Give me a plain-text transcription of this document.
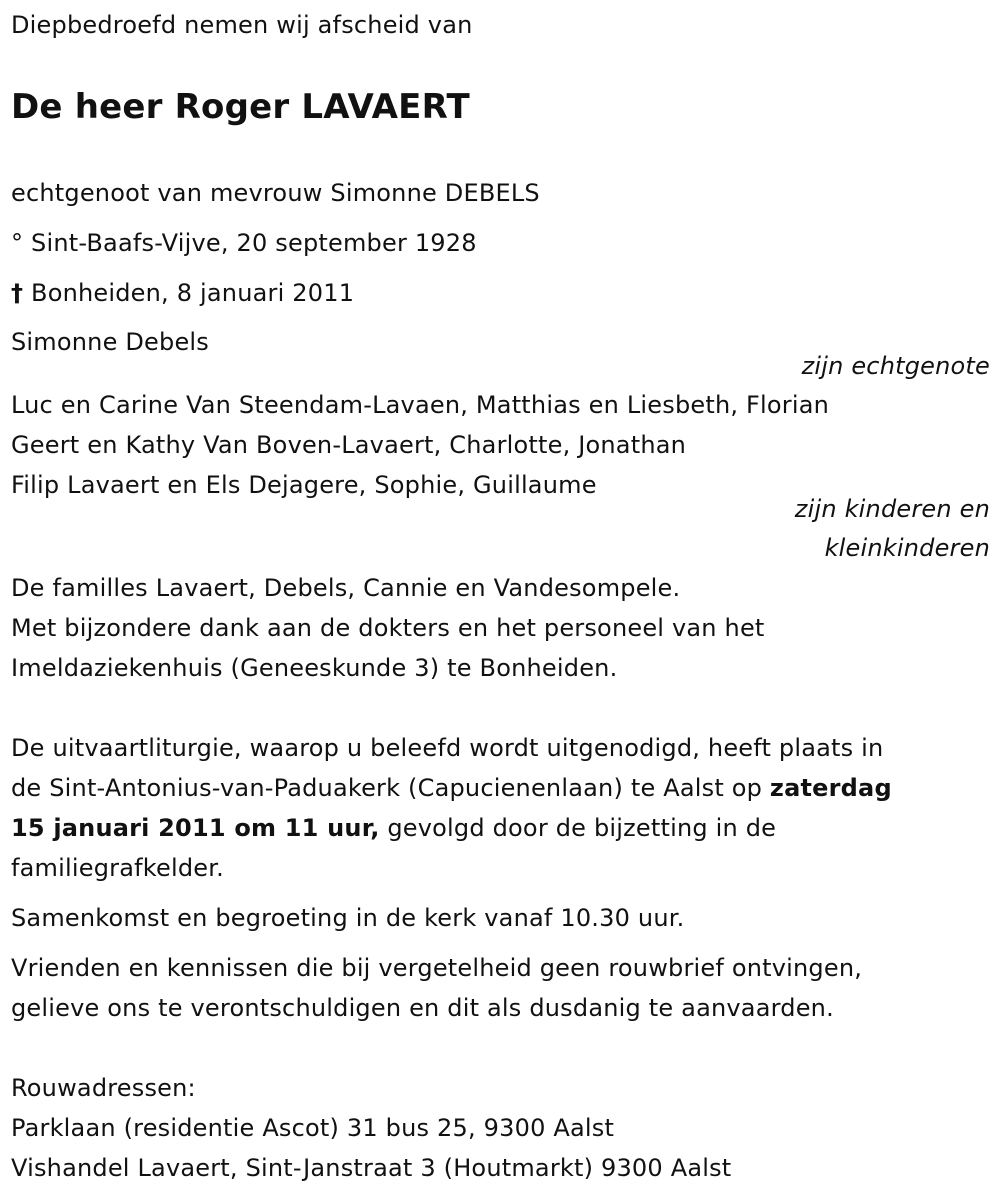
Diepbedroefd nemen wij afscheid van
De heer Roger LAVAERT
echtgenoot van mevrouw Simonne DEBELS
° Sint-Baafs-Vijve, 20 september 1928
† Bonheiden, 8 januari 2011
Simonne Debels
zijn echtgenote
Luc en Carine Van Steendam-Lavaen, Matthias en Liesbeth, Florian
Geert en Kathy Van Boven-Lavaert, Charlotte, Jonathan
Filip Lavaert en Els Dejagere, Sophie, Guillaume
zijn kinderen en
kleinkinderen
De familles Lavaert, Debels, Cannie en Vandesompele.
Met bijzondere dank aan de dokters en het personeel van het
Imeldaziekenhuis (Geneeskunde 3) te Bonheiden.
De uitvaartliturgie, waarop u beleefd wordt uitgenodigd, heeft plaats in
de Sint-Antonius-van-Paduakerk (Capucienenlaan) te Aalst op zaterdag
15 januari 2011 om 11 uur, gevolgd door de bijzetting in de
familiegrafkelder.
Samenkomst en begroeting in de kerk vanaf 10.30 uur.
Vrienden en kennissen die bij vergetelheid geen rouwbrief ontvingen,
gelieve ons te verontschuldigen en dit als dusdanig te aanvaarden.
Rouwadressen:
Parklaan (residentie Ascot) 31 bus 25, 9300 Aalst
Vishandel Lavaert, Sint-Janstraat 3 (Houtmarkt) 9300 Aalst
